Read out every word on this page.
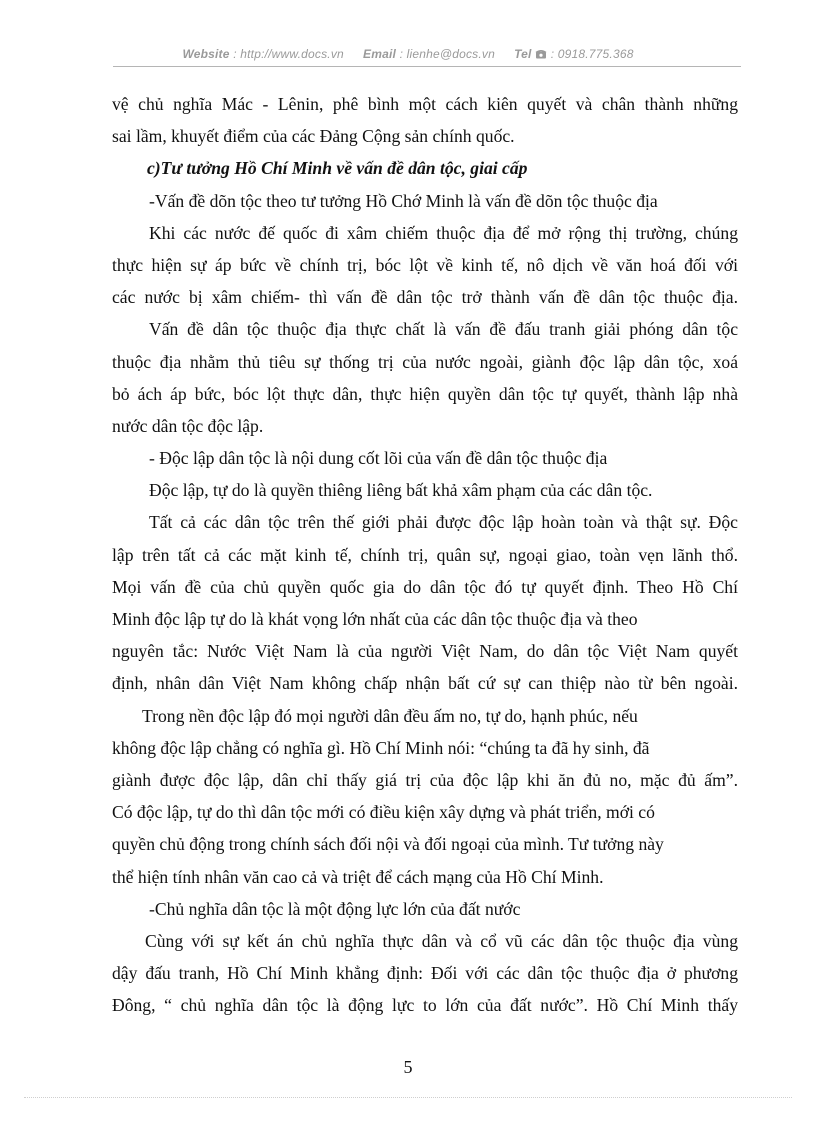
Website : http://www.docs.vn Email : lienhe@docs.vn Tel : 0918.775.368
vệ chủ nghĩa Mác - Lênin, phê bình một cách kiên quyết và chân thành những
sai lầm, khuyết điểm của các Đảng Cộng sản chính quốc.
c)Tư tưởng Hồ Chí Minh về vấn đề dân tộc, giai cấp
-Vấn đề dõn tộc theo tư tưởng Hồ Chớ Minh là vấn đề dõn tộc thuộc địa
Khi các nước đế quốc đi xâm chiếm thuộc địa để mở rộng thị trường, chúng
thực hiện sự áp bức về chính trị, bóc lột về kinh tế, nô dịch về văn hoá đối với
các nước bị xâm chiếm- thì vấn đề dân tộc trở thành vấn đề dân tộc thuộc địa.
Vấn đề dân tộc thuộc địa thực chất là vấn đề đấu tranh giải phóng dân tộc
thuộc địa nhằm thủ tiêu sự thống trị của nước ngoài, giành độc lập dân tộc, xoá
bỏ ách áp bức, bóc lột thực dân, thực hiện quyền dân tộc tự quyết, thành lập nhà
nước dân tộc độc lập.
- Độc lập dân tộc là nội dung cốt lõi của vấn đề dân tộc thuộc địa
Độc lập, tự do là quyền thiêng liêng bất khả xâm phạm của các dân tộc.
Tất cả các dân tộc trên thế giới phải được độc lập hoàn toàn và thật sự. Độc
lập trên tất cả các mặt kinh tế, chính trị, quân sự, ngoại giao, toàn vẹn lãnh thổ.
Mọi vấn đề của chủ quyền quốc gia do dân tộc đó tự quyết định. Theo Hồ Chí
Minh độc lập tự do là khát vọng lớn nhất của các dân tộc thuộc địa và theo
nguyên tắc: Nước Việt Nam là của người Việt Nam, do dân tộc Việt Nam quyết
định, nhân dân Việt Nam không chấp nhận bất cứ sự can thiệp nào từ bên ngoài.
Trong nền độc lập đó mọi người dân đều ấm no, tự do, hạnh phúc, nếu
không độc lập chẳng có nghĩa gì. Hồ Chí Minh nói: “chúng ta đã hy sinh, đã
giành được độc lập, dân chỉ thấy giá trị của độc lập khi ăn đủ no, mặc đủ ấm”.
Có độc lập, tự do thì dân tộc mới có điều kiện xây dựng và phát triển, mới có
quyền chủ động trong chính sách đối nội và đối ngoại của mình. Tư tưởng này
thể hiện tính nhân văn cao cả và triệt để cách mạng của Hồ Chí Minh.
-Chủ nghĩa dân tộc là một động lực lớn của đất nước
Cùng với sự kết án chủ nghĩa thực dân và cổ vũ các dân tộc thuộc địa vùng
dậy đấu tranh, Hồ Chí Minh khẳng định: Đối với các dân tộc thuộc địa ở phương
Đông, “ chủ nghĩa dân tộc là động lực to lớn của đất nước”. Hồ Chí Minh thấy
5
